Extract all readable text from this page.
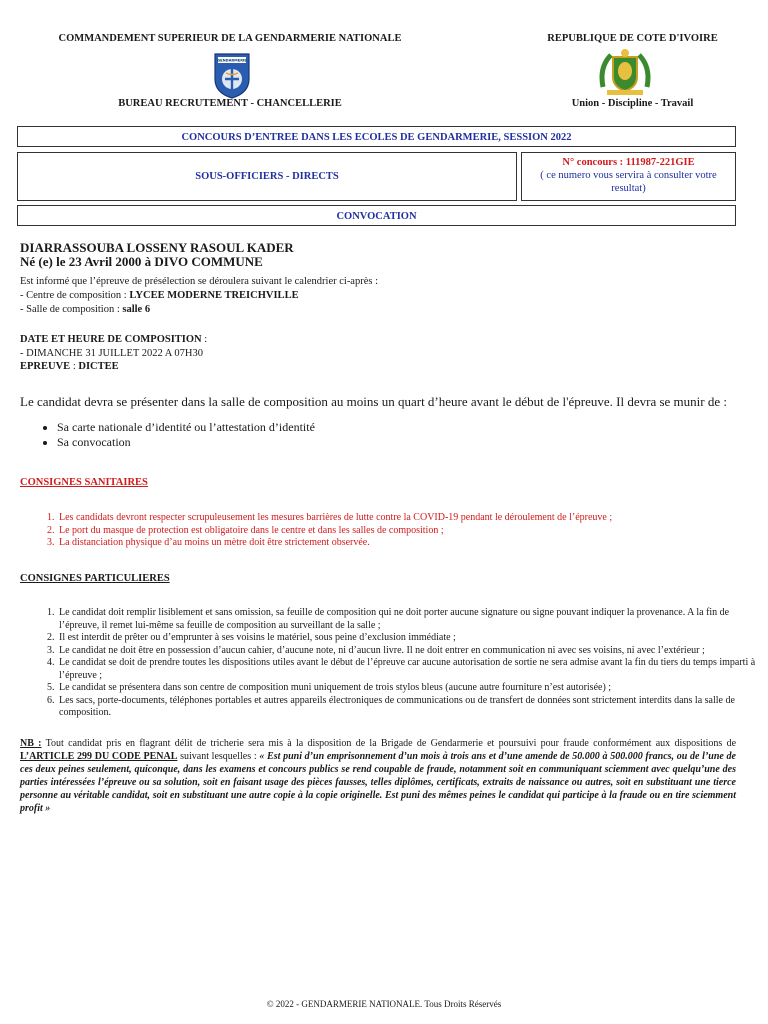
COMMANDEMENT SUPERIEUR DE LA GENDARMERIE NATIONALE
GENDARMERIE
BUREAU RECRUTEMENT - CHANCELLERIE
REPUBLIQUE DE COTE D'IVOIRE
Union - Discipline - Travail
CONCOURS D’ENTREE DANS LES ECOLES DE GENDARMERIE, SESSION 2022
SOUS-OFFICIERS - DIRECTS
N° concours : 111987-221GIE
( ce numero vous servira à consulter votre resultat)
CONVOCATION
DIARRASSOUBA LOSSENY RASOUL KADER
Né (e) le 23 Avril 2000 à DIVO COMMUNE
Est informé que l’épreuve de présélection se déroulera suivant le calendrier ci-après :
- Centre de composition : LYCEE MODERNE TREICHVILLE
- Salle de composition : salle 6
DATE ET HEURE DE COMPOSITION :
- DIMANCHE 31 JUILLET 2022 A 07H30
EPREUVE : DICTEE
Le candidat devra se présenter dans la salle de composition au moins un quart d’heure avant le début de l'épreuve. Il devra se munir de :
• Sa carte nationale d’identité ou l’attestation d’identité
• Sa convocation
CONSIGNES SANITAIRES
1. Les candidats devront respecter scrupuleusement les mesures barrières de lutte contre la COVID-19 pendant le déroulement de l’épreuve ;
2. Le port du masque de protection est obligatoire dans le centre et dans les salles de composition ;
3. La distanciation physique d’au moins un mètre doit être strictement observée.
CONSIGNES PARTICULIERES
1. Le candidat doit remplir lisiblement et sans omission, sa feuille de composition qui ne doit porter aucune signature ou signe pouvant indiquer la provenance. A la fin de l’épreuve, il remet lui-même sa feuille de composition au surveillant de la salle ;
2. Il est interdit de prêter ou d’emprunter à ses voisins le matériel, sous peine d’exclusion immédiate ;
3. Le candidat ne doit être en possession d’aucun cahier, d’aucune note, ni d’aucun livre. Il ne doit entrer en communication ni avec ses voisins, ni avec l’extérieur ;
4. Le candidat se doit de prendre toutes les dispositions utiles avant le début de l’épreuve car aucune autorisation de sortie ne sera admise avant la fin du tiers du temps imparti à l’épreuve ;
5. Le candidat se présentera dans son centre de composition muni uniquement de trois stylos bleus (aucune autre fourniture n’est autorisée) ;
6. Les sacs, porte-documents, téléphones portables et autres appareils électroniques de communications ou de transfert de données sont strictement interdits dans la salle de composition.
NB : Tout candidat pris en flagrant délit de tricherie sera mis à la disposition de la Brigade de Gendarmerie et poursuivi pour fraude conformément aux dispositions de L’ARTICLE 299 DU CODE PENAL suivant lesquelles : « Est puni d’un emprisonnement d’un mois à trois ans et d’une amende de 50.000 à 500.000 francs, ou de l’une de ces deux peines seulement, quiconque, dans les examens et concours publics se rend coupable de fraude, notamment soit en communiquant sciemment avec quelqu’une des parties intéressées l’épreuve ou sa solution, soit en faisant usage des pièces fausses, telles diplômes, certificats, extraits de naissance ou autres, soit en substituant une tierce personne au véritable candidat, soit en substituant une autre copie à la copie originelle. Est puni des mêmes peines le candidat qui participe à la fraude ou en tire sciemment profit »
© 2022 - GENDARMERIE NATIONALE. Tous Droits Réservés
